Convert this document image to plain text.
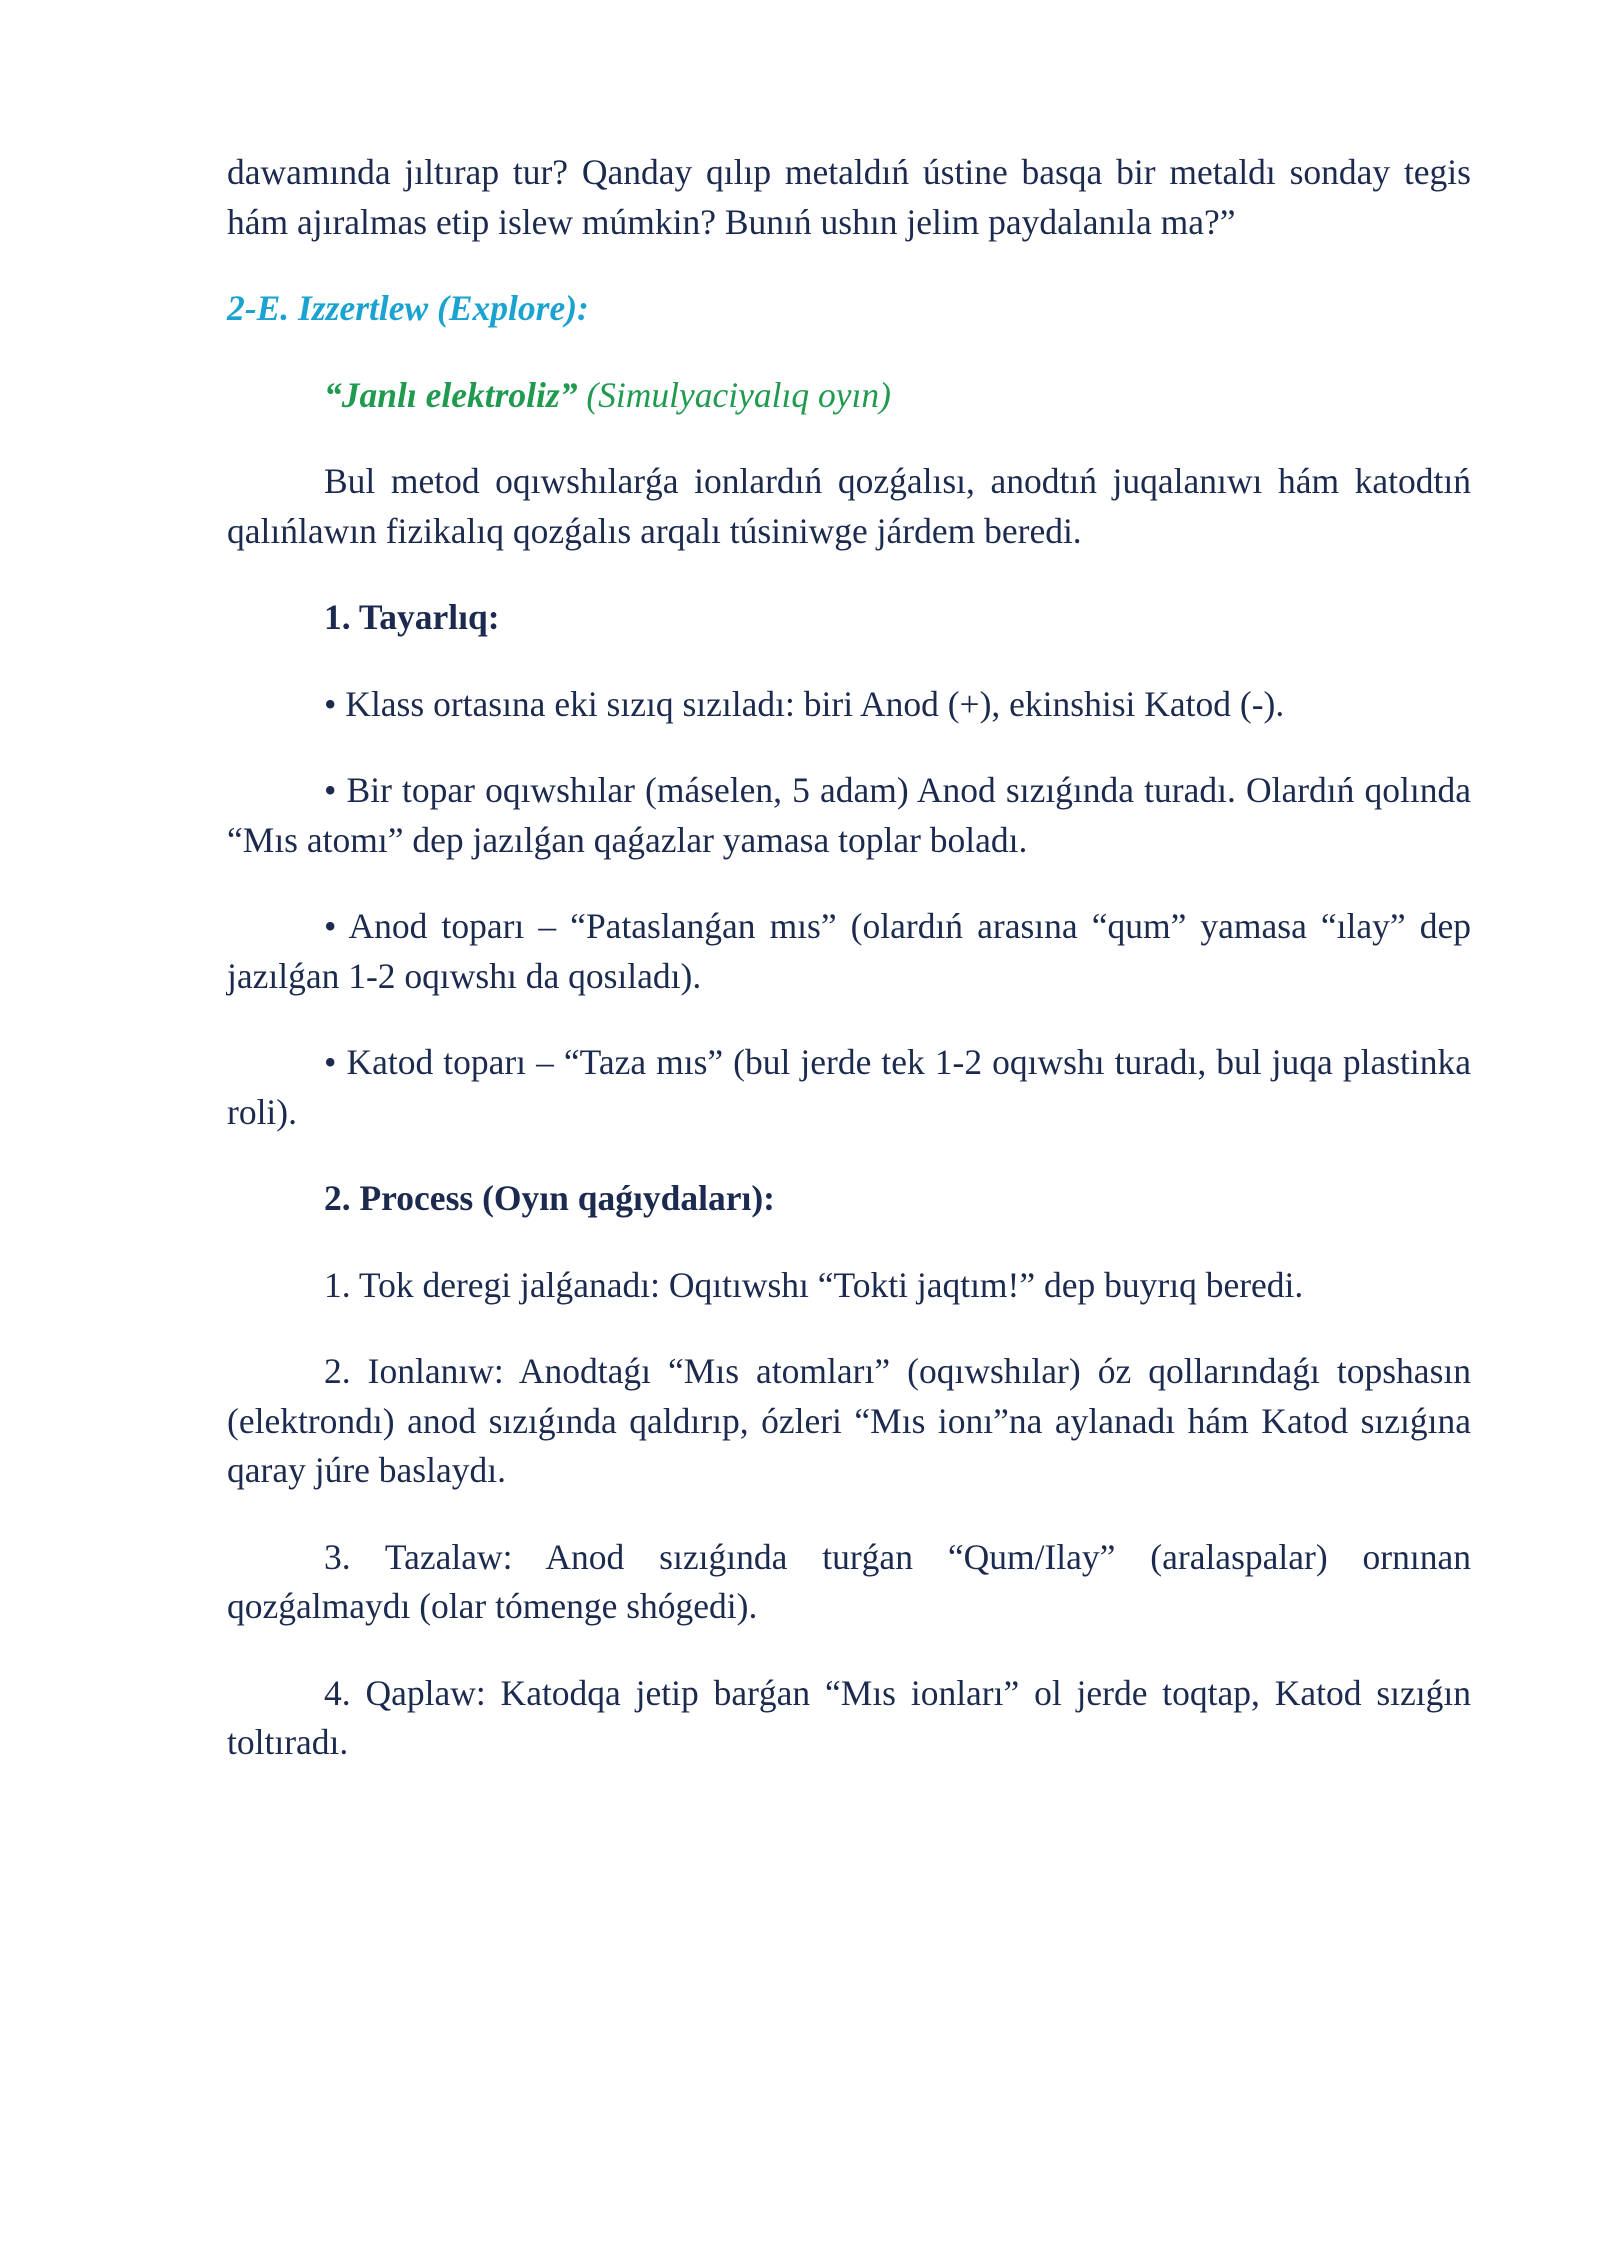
dawamında jıltırap tur? Qanday qılıp metaldıń ústine basqa bir metaldı sonday tegis hám ajıralmas etip islew múmkin? Bunıń ushın jelim paydalanıla ma?”

2-E. Izzertlew (Explore):

“Janlı elektroliz” (Simulyaciyalıq oyın)

Bul metod oqıwshılarǵa ionlardıń qozǵalısı, anodtıń juqalanıwı hám katodtıń qalıńlawın fizikalıq qozǵalıs arqalı túsiniwge járdem beredi.

1. Tayarlıq:

• Klass ortasına eki sızıq sızıladı: biri Anod (+), ekinshisi Katod (-).

• Bir topar oqıwshılar (máselen, 5 adam) Anod sızıǵında turadı. Olardıń qolında “Mıs atomı” dep jazılǵan qaǵazlar yamasa toplar boladı.

• Anod toparı – “Pataslanǵan mıs” (olardıń arasına “qum” yamasa “ılay” dep jazılǵan 1-2 oqıwshı da qosıladı).

• Katod toparı – “Taza mıs” (bul jerde tek 1-2 oqıwshı turadı, bul juqa plastinka roli).

2. Process (Oyın qaǵıydaları):

1. Tok deregi jalǵanadı: Oqıtıwshı “Tokti jaqtım!” dep buyrıq beredi.

2. Ionlanıw: Anodtaǵı “Mıs atomları” (oqıwshılar) óz qollarındaǵı topshasın (elektrondı) anod sızıǵında qaldırıp, ózleri “Mıs ionı”na aylanadı hám Katod sızıǵına qaray júre baslaydı.

3. Tazalaw: Anod sızıǵında turǵan “Qum/Ilay” (aralaspalar) ornınan qozǵalmaydı (olar tómenge shógedi).

4. Qaplaw: Katodqa jetip barǵan “Mıs ionları” ol jerde toqtap, Katod sızıǵın toltıradı.
